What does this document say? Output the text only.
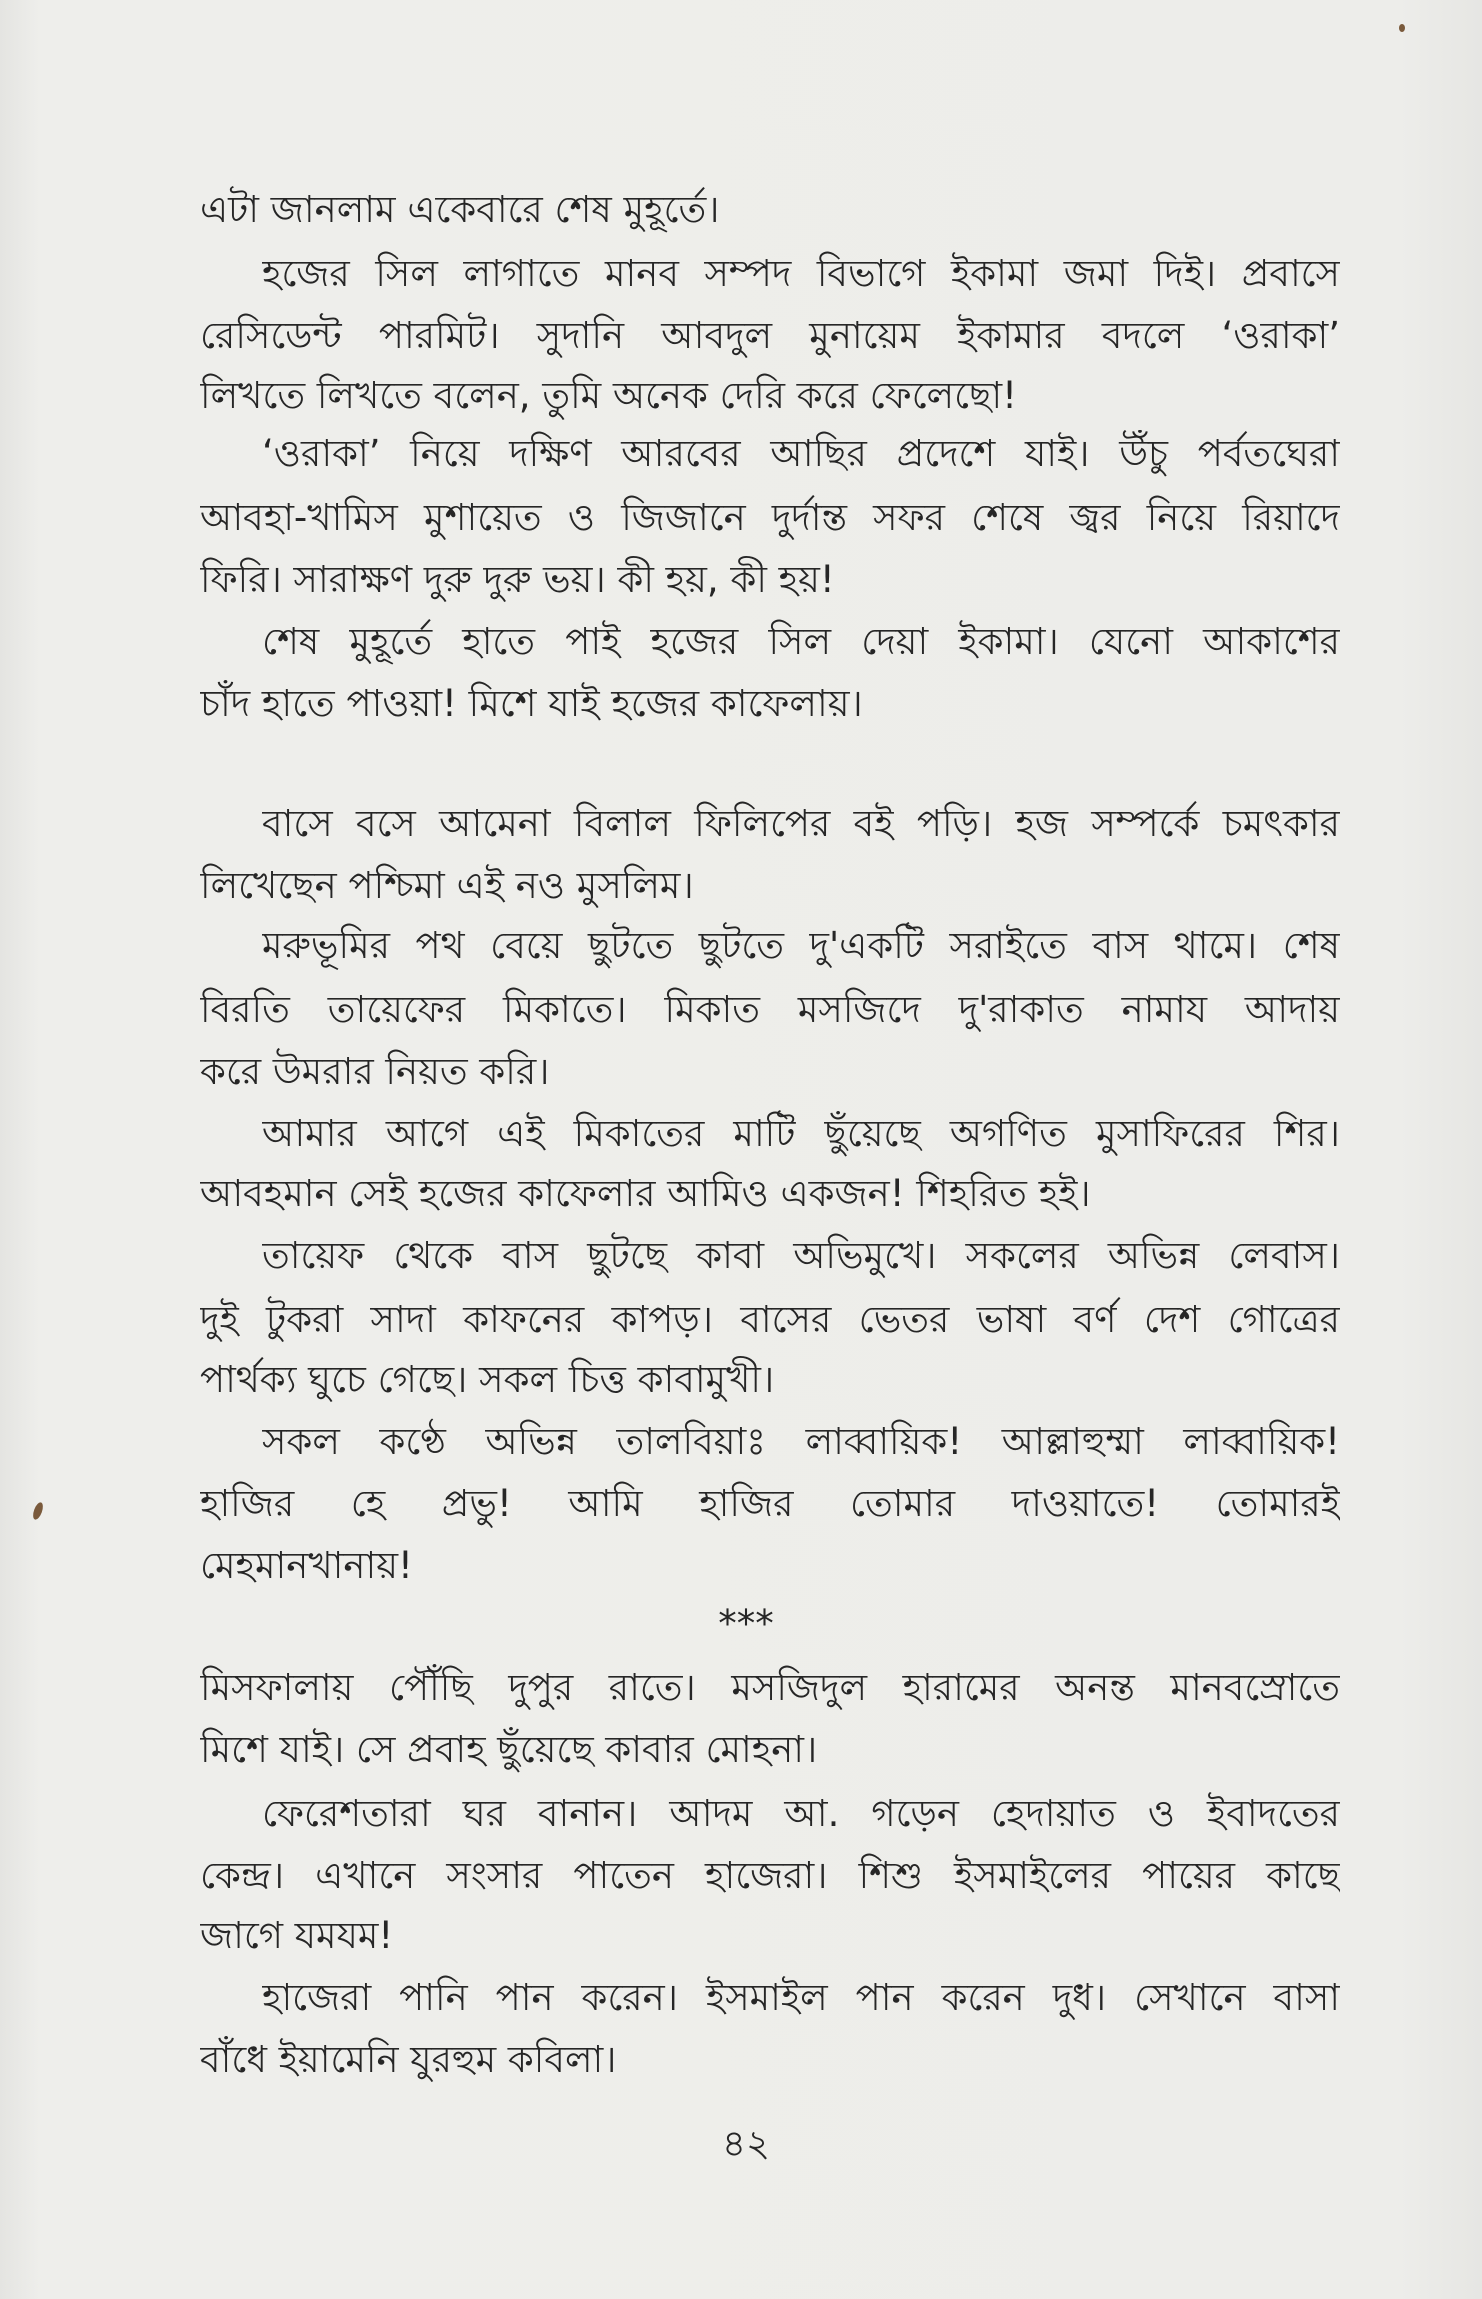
এটা জানলাম একেবারে শেষ মুহূর্তে।
হজের সিল লাগাতে মানব সম্পদ বিভাগে ইকামা জমা দিই। প্রবাসে
রেসিডেন্ট পারমিট। সুদানি আবদুল মুনায়েম ইকামার বদলে ‘ওরাকা’
লিখতে লিখতে বলেন, তুমি অনেক দেরি করে ফেলেছো!
‘ওরাকা’ নিয়ে দক্ষিণ আরবের আছির প্রদেশে যাই। উঁচু পর্বতঘেরা
আবহা-খামিস মুশায়েত ও জিজানে দুর্দান্ত সফর শেষে জ্বর নিয়ে রিয়াদে
ফিরি। সারাক্ষণ দুরু দুরু ভয়। কী হয়, কী হয়!
শেষ মুহূর্তে হাতে পাই হজের সিল দেয়া ইকামা। যেনো আকাশের
চাঁদ হাতে পাওয়া! মিশে যাই হজের কাফেলায়।
বাসে বসে আমেনা বিলাল ফিলিপের বই পড়ি। হজ সম্পর্কে চমৎকার
লিখেছেন পশ্চিমা এই নও মুসলিম।
মরুভূমির পথ বেয়ে ছুটতে ছুটতে দু'একটি সরাইতে বাস থামে। শেষ
বিরতি তায়েফের মিকাতে। মিকাত মসজিদে দু'রাকাত নামায আদায়
করে উমরার নিয়ত করি।
আমার আগে এই মিকাতের মাটি ছুঁয়েছে অগণিত মুসাফিরের শির।
আবহমান সেই হজের কাফেলার আমিও একজন! শিহরিত হই।
তায়েফ থেকে বাস ছুটছে কাবা অভিমুখে। সকলের অভিন্ন লেবাস।
দুই টুকরা সাদা কাফনের কাপড়। বাসের ভেতর ভাষা বর্ণ দেশ গোত্রের
পার্থক্য ঘুচে গেছে। সকল চিত্ত কাবামুখী।
সকল কণ্ঠে অভিন্ন তালবিয়াঃ লাব্বায়িক! আল্লাহুম্মা লাব্বায়িক!
হাজির হে প্রভু! আমি হাজির তোমার দাওয়াতে! তোমারই
মেহমানখানায়!
***
মিসফালায় পৌঁছি দুপুর রাতে। মসজিদুল হারামের অনন্ত মানবস্রোতে
মিশে যাই। সে প্রবাহ ছুঁয়েছে কাবার মোহনা।
ফেরেশতারা ঘর বানান। আদম আ. গড়েন হেদায়াত ও ইবাদতের
কেন্দ্র। এখানে সংসার পাতেন হাজেরা। শিশু ইসমাইলের পায়ের কাছে
জাগে যমযম!
হাজেরা পানি পান করেন। ইসমাইল পান করেন দুধ। সেখানে বাসা
বাঁধে ইয়ামেনি যুরহুম কবিলা।
৪২
